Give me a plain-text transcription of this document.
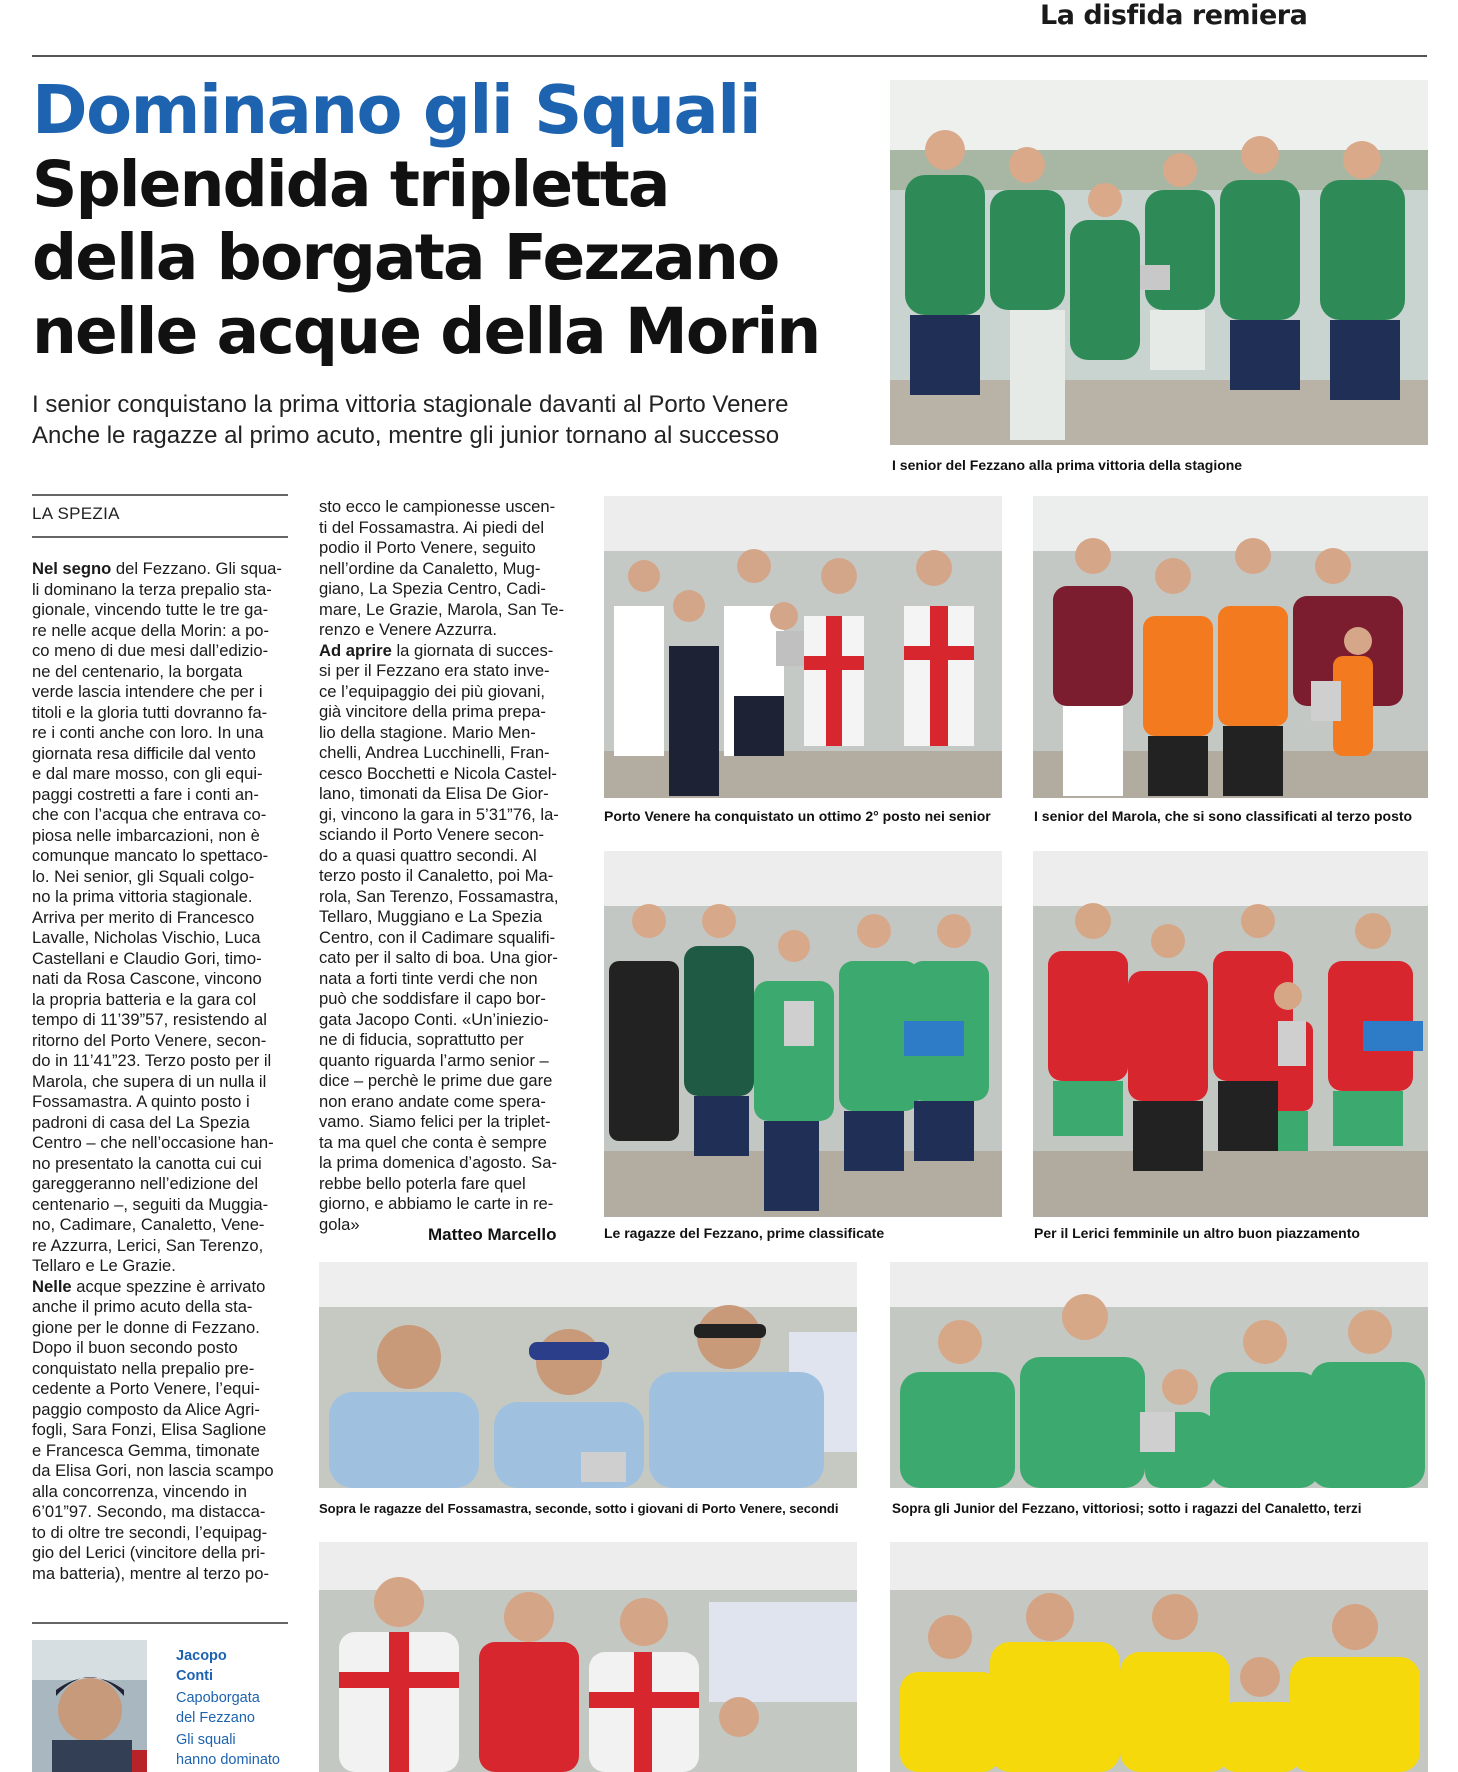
La disfida remiera
Dominano gli Squali
Splendida tripletta
della borgata Fezzano
nelle acque della Morin
I senior conquistano la prima vittoria stagionale davanti al Porto Venere
Anche le ragazze al primo acuto, mentre gli junior tornano al successo
I senior del Fezzano alla prima vittoria della stagione
LA SPEZIA
Nel segno del Fezzano. Gli squa-
li dominano la terza prepalio sta-
gionale, vincendo tutte le tre ga-
re nelle acque della Morin: a po-
co meno di due mesi dall’edizio-
ne del centenario, la borgata
verde lascia intendere che per i
titoli e la gloria tutti dovranno fa-
re i conti anche con loro. In una
giornata resa difficile dal vento
e dal mare mosso, con gli equi-
paggi costretti a fare i conti an-
che con l’acqua che entrava co-
piosa nelle imbarcazioni, non è
comunque mancato lo spettaco-
lo. Nei senior, gli Squali colgo-
no la prima vittoria stagionale.
Arriva per merito di Francesco
Lavalle, Nicholas Vischio, Luca
Castellani e Claudio Gori, timo-
nati da Rosa Cascone, vincono
la propria batteria e la gara col
tempo di 11’39”57, resistendo al
ritorno del Porto Venere, secon-
do in 11’41”23. Terzo posto per il
Marola, che supera di un nulla il
Fossamastra. A quinto posto i
padroni di casa del La Spezia
Centro – che nell’occasione han-
no presentato la canotta cui cui
gareggeranno nell’edizione del
centenario –, seguiti da Muggia-
no, Cadimare, Canaletto, Vene-
re Azzurra, Lerici, San Terenzo,
Tellaro e Le Grazie.
Nelle acque spezzine è arrivato
anche il primo acuto della sta-
gione per le donne di Fezzano.
Dopo il buon secondo posto
conquistato nella prepalio pre-
cedente a Porto Venere, l’equi-
paggio composto da Alice Agri-
fogli, Sara Fonzi, Elisa Saglione
e Francesca Gemma, timonate
da Elisa Gori, non lascia scampo
alla concorrenza, vincendo in
6’01”97. Secondo, ma distacca-
to di oltre tre secondi, l’equipag-
gio del Lerici (vincitore della pri-
ma batteria), mentre al terzo po-
sto ecco le campionesse uscen-
ti del Fossamastra. Ai piedi del
podio il Porto Venere, seguito
nell’ordine da Canaletto, Mug-
giano, La Spezia Centro, Cadi-
mare, Le Grazie, Marola, San Te-
renzo e Venere Azzurra.
Ad aprire la giornata di succes-
si per il Fezzano era stato inve-
ce l’equipaggio dei più giovani,
già vincitore della prima prepa-
lio della stagione. Mario Men-
chelli, Andrea Lucchinelli, Fran-
cesco Bocchetti e Nicola Castel-
lano, timonati da Elisa De Gior-
gi, vincono la gara in 5’31”76, la-
sciando il Porto Venere secon-
do a quasi quattro secondi. Al
terzo posto il Canaletto, poi Ma-
rola, San Terenzo, Fossamastra,
Tellaro, Muggiano e La Spezia
Centro, con il Cadimare squalifi-
cato per il salto di boa. Una gior-
nata a forti tinte verdi che non
può che soddisfare il capo bor-
gata Jacopo Conti. «Un’iniezio-
ne di fiducia, soprattutto per
quanto riguarda l’armo senior –
dice – perchè le prime due gare
non erano andate come spera-
vamo. Siamo felici per la triplet-
ta ma quel che conta è sempre
la prima domenica d’agosto. Sa-
rebbe bello poterla fare quel
giorno, e abbiamo le carte in re-
gola»
Matteo Marcello
Jacopo
Conti
Capoborgata
del Fezzano
Gli squali
hanno dominato
Porto Venere ha conquistato un ottimo 2° posto nei senior	I senior del Marola, che si sono classificati al terzo posto
Le ragazze del Fezzano, prime classificate	Per il Lerici femminile un altro buon piazzamento
Sopra le ragazze del Fossamastra, seconde, sotto i giovani di Porto Venere, secondi	Sopra gli Junior del Fezzano, vittoriosi; sotto i ragazzi del Canaletto, terzi
